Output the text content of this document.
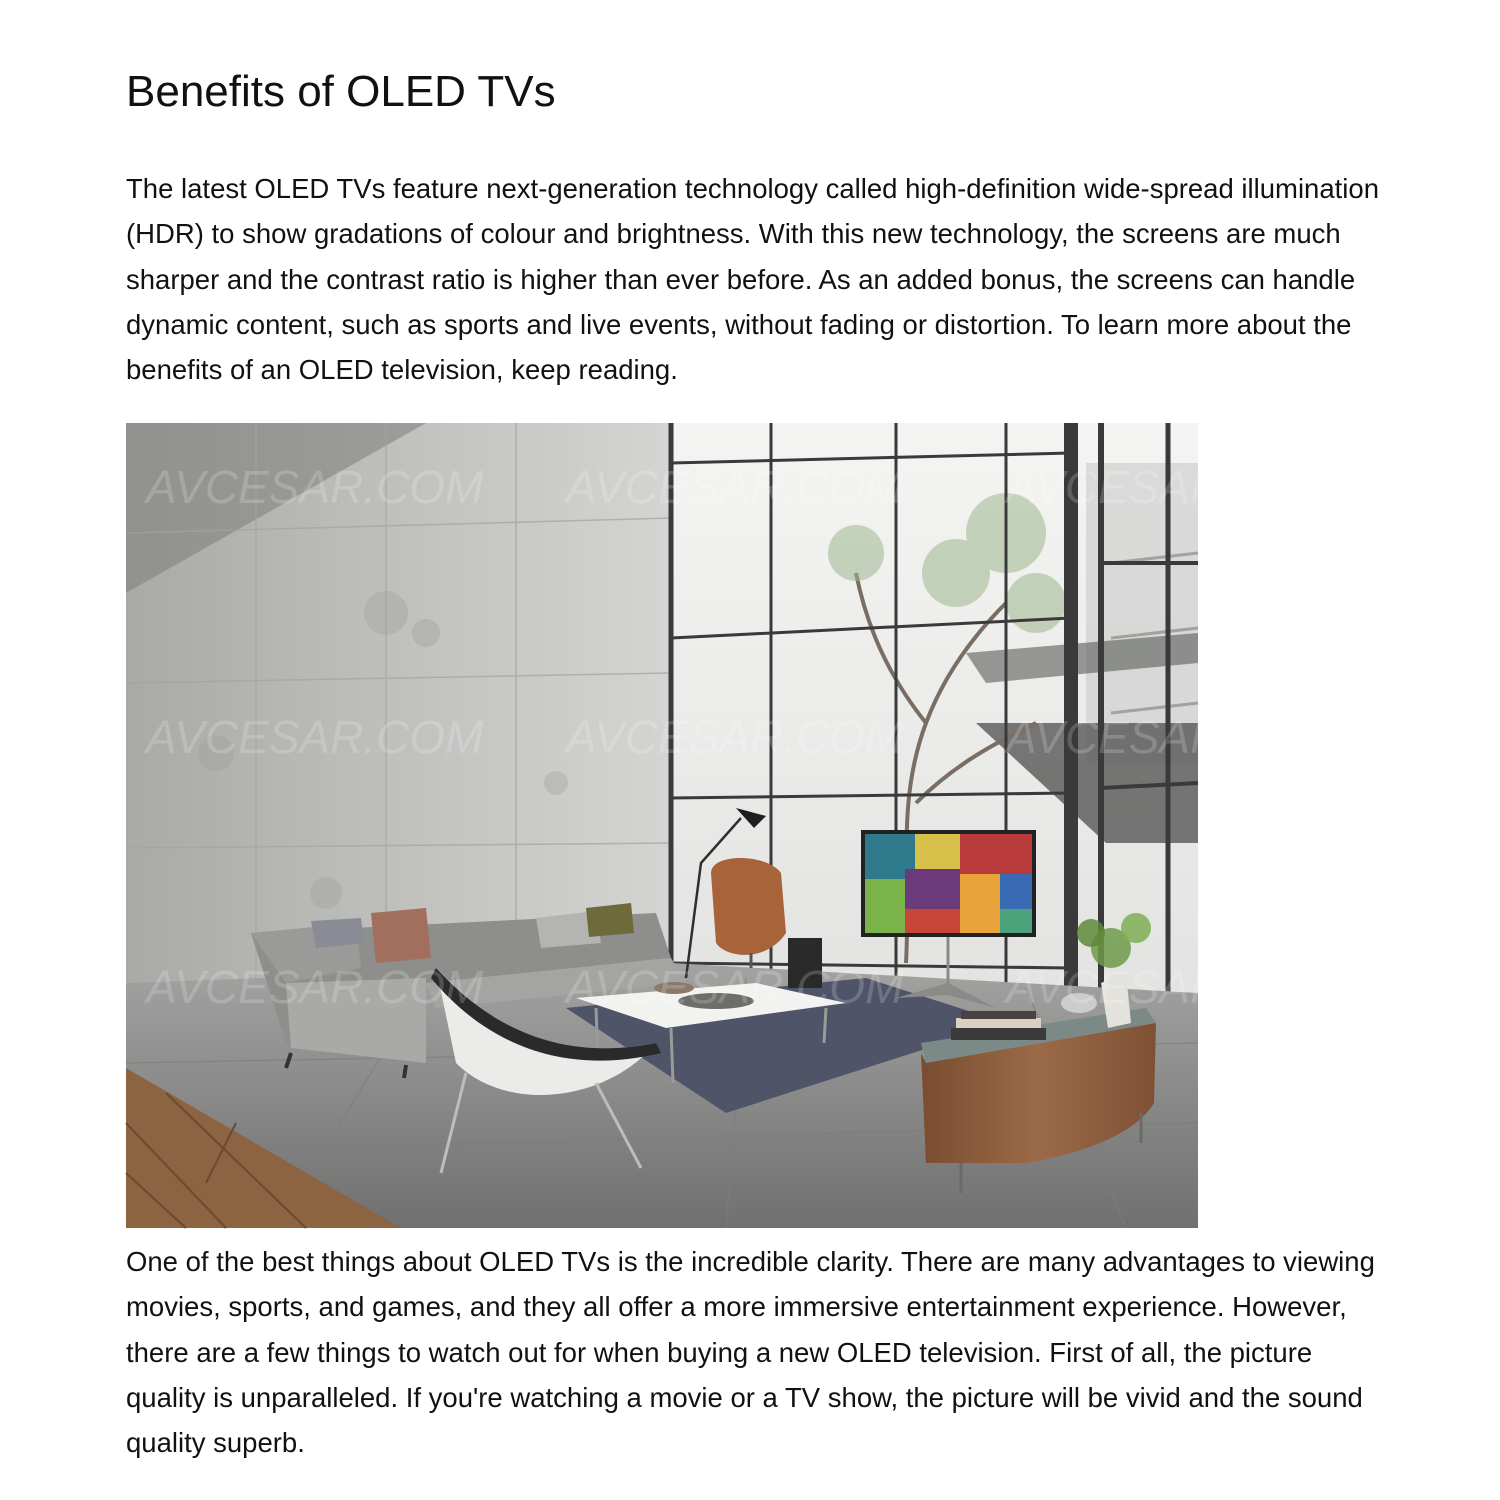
Benefits of OLED TVs

The latest OLED TVs feature next-generation technology called high-definition wide-spread illumination (HDR) to show gradations of colour and brightness. With this new technology, the screens are much sharper and the contrast ratio is higher than ever before. As an added bonus, the screens can handle dynamic content, such as sports and live events, without fading or distortion. To learn more about the benefits of an OLED television, keep reading.

AVCESAR.COM AVCESAR.COM AVCESAR.COM
AVCESAR.COM AVCESAR.COM AVCESAR.COM
AVCESAR.COM AVCESAR.COM AVCESAR.COM

One of the best things about OLED TVs is the incredible clarity. There are many advantages to viewing movies, sports, and games, and they all offer a more immersive entertainment experience. However, there are a few things to watch out for when buying a new OLED television. First of all, the picture quality is unparalleled. If you're watching a movie or a TV show, the picture will be vivid and the sound quality superb.
